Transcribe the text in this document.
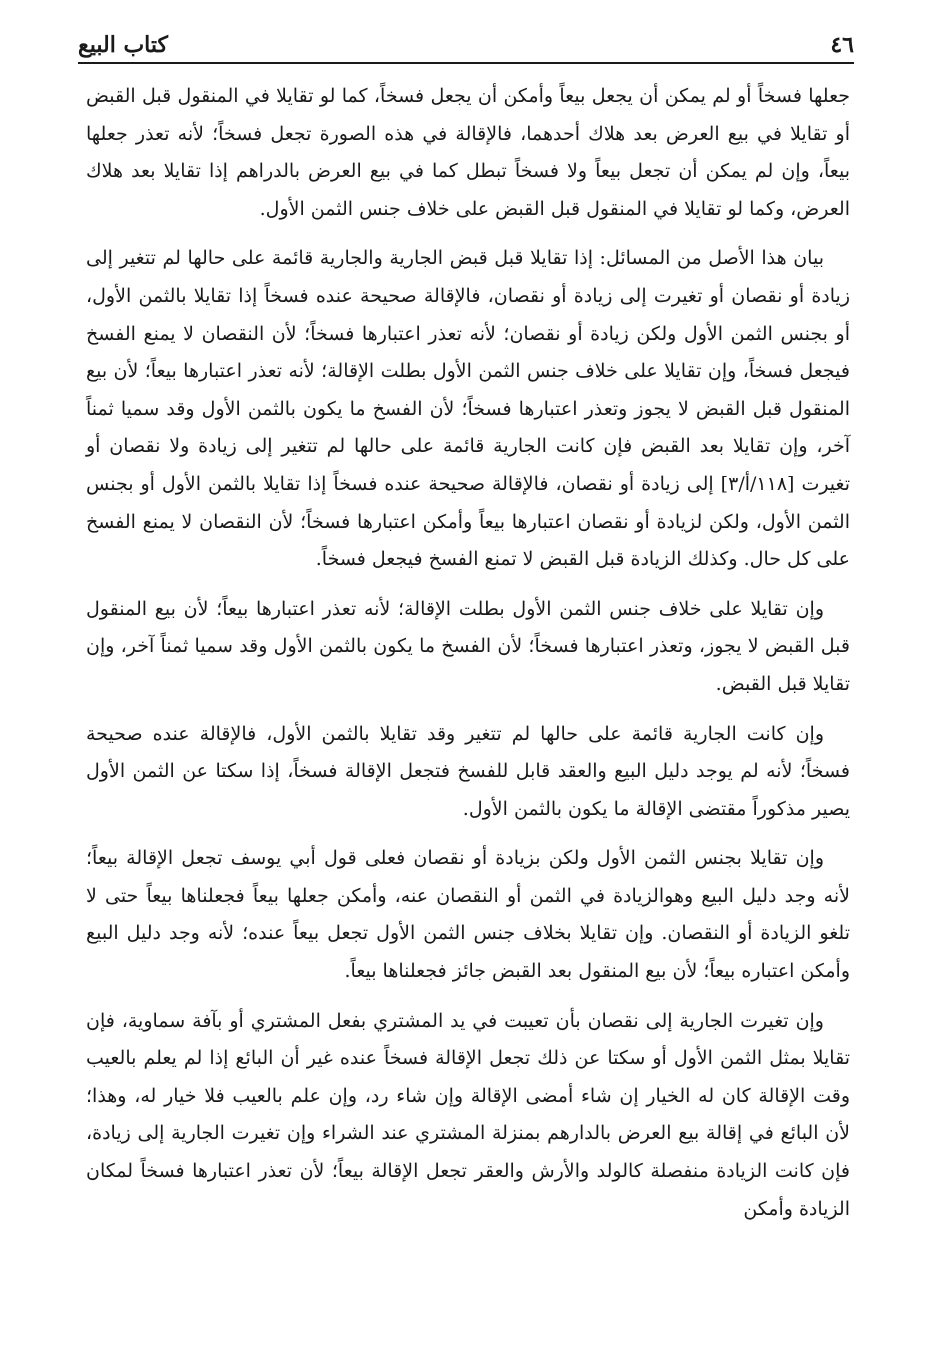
٤٦
كتاب البيع

جعلها فسخاً أو لم يمكن أن يجعل بيعاً وأمكن أن يجعل فسخاً، كما لو تقايلا في المنقول قبل القبض أو تقايلا في بيع العرض بعد هلاك أحدهما، فالإقالة في هذه الصورة تجعل فسخاً؛ لأنه تعذر جعلها بيعاً، وإن لم يمكن أن تجعل بيعاً ولا فسخاً تبطل كما في بيع العرض بالدراهم إذا تقايلا بعد هلاك العرض، وكما لو تقايلا في المنقول قبل القبض على خلاف جنس الثمن الأول.

بيان هذا الأصل من المسائل: إذا تقايلا قبل قبض الجارية والجارية قائمة على حالها لم تتغير إلى زيادة أو نقصان أو تغيرت إلى زيادة أو نقصان، فالإقالة صحيحة عنده فسخاً إذا تقايلا بالثمن الأول، أو بجنس الثمن الأول ولكن زيادة أو نقصان؛ لأنه تعذر اعتبارها فسخاً؛ لأن النقصان لا يمنع الفسخ فيجعل فسخاً، وإن تقايلا على خلاف جنس الثمن الأول بطلت الإقالة؛ لأنه تعذر اعتبارها بيعاً؛ لأن بيع المنقول قبل القبض لا يجوز وتعذر اعتبارها فسخاً؛ لأن الفسخ ما يكون بالثمن الأول وقد سميا ثمناً آخر، وإن تقايلا بعد القبض فإن كانت الجارية قائمة على حالها لم تتغير إلى زيادة ولا نقصان أو تغيرت [١١٨/أ/٣] إلى زيادة أو نقصان، فالإقالة صحيحة عنده فسخاً إذا تقايلا بالثمن الأول أو بجنس الثمن الأول، ولكن لزيادة أو نقصان اعتبارها بيعاً وأمكن اعتبارها فسخاً؛ لأن النقصان لا يمنع الفسخ على كل حال. وكذلك الزيادة قبل القبض لا تمنع الفسخ فيجعل فسخاً.

وإن تقايلا على خلاف جنس الثمن الأول بطلت الإقالة؛ لأنه تعذر اعتبارها بيعاً؛ لأن بيع المنقول قبل القبض لا يجوز، وتعذر اعتبارها فسخاً؛ لأن الفسخ ما يكون بالثمن الأول وقد سميا ثمناً آخر، وإن تقايلا قبل القبض.

وإن كانت الجارية قائمة على حالها لم تتغير وقد تقايلا بالثمن الأول، فالإقالة عنده صحيحة فسخاً؛ لأنه لم يوجد دليل البيع والعقد قابل للفسخ فتجعل الإقالة فسخاً، إذا سكتا عن الثمن الأول يصير مذكوراً مقتضى الإقالة ما يكون بالثمن الأول.

وإن تقايلا بجنس الثمن الأول ولكن بزيادة أو نقصان فعلى قول أبي يوسف تجعل الإقالة بيعاً؛ لأنه وجد دليل البيع وهوالزيادة في الثمن أو النقصان عنه، وأمكن جعلها بيعاً فجعلناها بيعاً حتى لا تلغو الزيادة أو النقصان. وإن تقايلا بخلاف جنس الثمن الأول تجعل بيعاً عنده؛ لأنه وجد دليل البيع وأمكن اعتباره بيعاً؛ لأن بيع المنقول بعد القبض جائز فجعلناها بيعاً.

وإن تغيرت الجارية إلى نقصان بأن تعيبت في يد المشتري بفعل المشتري أو بآفة سماوية، فإن تقايلا بمثل الثمن الأول أو سكتا عن ذلك تجعل الإقالة فسخاً عنده غير أن البائع إذا لم يعلم بالعيب وقت الإقالة كان له الخيار إن شاء أمضى الإقالة وإن شاء رد، وإن علم بالعيب فلا خيار له، وهذا؛ لأن البائع في إقالة بيع العرض بالدارهم بمنزلة المشتري عند الشراء وإن تغيرت الجارية إلى زيادة، فإن كانت الزيادة منفصلة كالولد والأرش والعقر تجعل الإقالة بيعاً؛ لأن تعذر اعتبارها فسخاً لمكان الزيادة وأمكن
